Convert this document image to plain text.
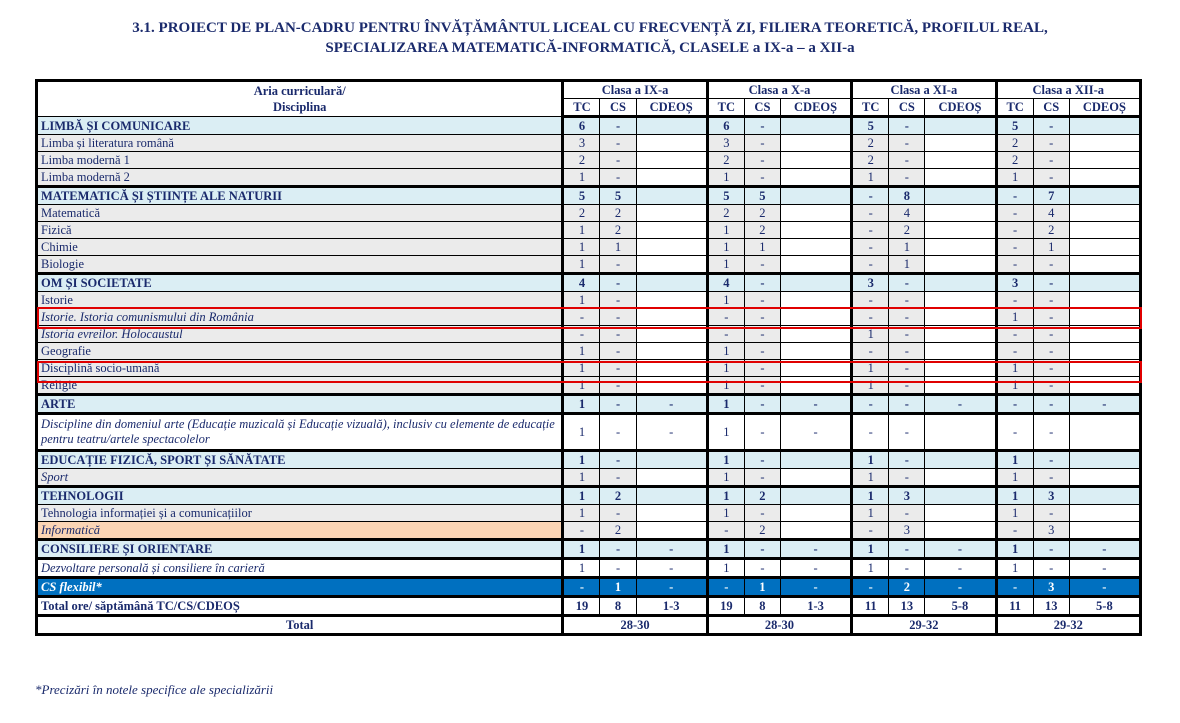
3.1. PROIECT DE PLAN-CADRU PENTRU ÎNVĂȚĂMÂNTUL LICEAL CU FRECVENȚĂ ZI, FILIERA TEORETICĂ, PROFILUL REAL,
SPECIALIZAREA MATEMATICĂ-INFORMATICĂ, CLASELE a IX-a – a XII-a
Aria curriculară/
Disciplina	Clasa a IX-a			Clasa a X-a			Clasa a XI-a			Clasa a XII-a		
	TC	CS	CDEOȘ	TC	CS	CDEOȘ	TC	CS	CDEOȘ	TC	CS	CDEOȘ
LIMBĂ ȘI COMUNICARE	6	-		6	-		5	-		5	-	
Limba și literatura română	3	-		3	-		2	-		2	-	
Limba modernă 1	2	-		2	-		2	-		2	-	
Limba modernă 2	1	-		1	-		1	-		1	-	
MATEMATICĂ ȘI ȘTIINȚE ALE NATURII	5	5		5	5		-	8		-	7	
Matematică	2	2		2	2		-	4		-	4	
Fizică	1	2		1	2		-	2		-	2	
Chimie	1	1		1	1		-	1		-	1	
Biologie	1	-		1	-		-	1		-	-	
OM ȘI SOCIETATE	4	-		4	-		3	-		3	-	
Istorie	1	-		1	-		-	-		-	-	
Istorie. Istoria comunismului din România	-	-		-	-		-	-		1	-	
Istoria evreilor. Holocaustul	-	-		-	-		1	-		-	-	
Geografie	1	-		1	-		-	-		-	-	
Disciplină socio-umană	1	-		1	-		1	-		1	-	
Religie	1	-		1	-		1	-		1	-	
ARTE	1	-	-	1	-	-	-	-	-	-	-	-
Discipline din domeniul arte (Educație muzicală și Educație vizuală), inclusiv cu elemente de educație pentru teatru/artele spectacolelor	1	-	-	1	-	-	-	-		-	-	
EDUCAȚIE FIZICĂ, SPORT ȘI SĂNĂTATE	1	-		1	-		1	-		1	-	
Sport	1	-		1	-		1	-		1	-	
TEHNOLOGII	1	2		1	2		1	3		1	3	
Tehnologia informației și a comunicațiilor	1	-		1	-		1	-		1	-	
Informatică	-	2		-	2		-	3		-	3	
CONSILIERE ȘI ORIENTARE	1	-	-	1	-	-	1	-	-	1	-	-
Dezvoltare personală și consiliere în carieră	1	-	-	1	-	-	1	-	-	1	-	-
CS flexibil*	-	1	-	-	1	-	-	2	-	-	3	-
Total ore/ săptămână TC/CS/CDEOȘ	19	8	1-3	19	8	1-3	11	13	5-8	11	13	5-8
Total	28-30			28-30			29-32			29-32		
*Precizări în notele specifice ale specializării
